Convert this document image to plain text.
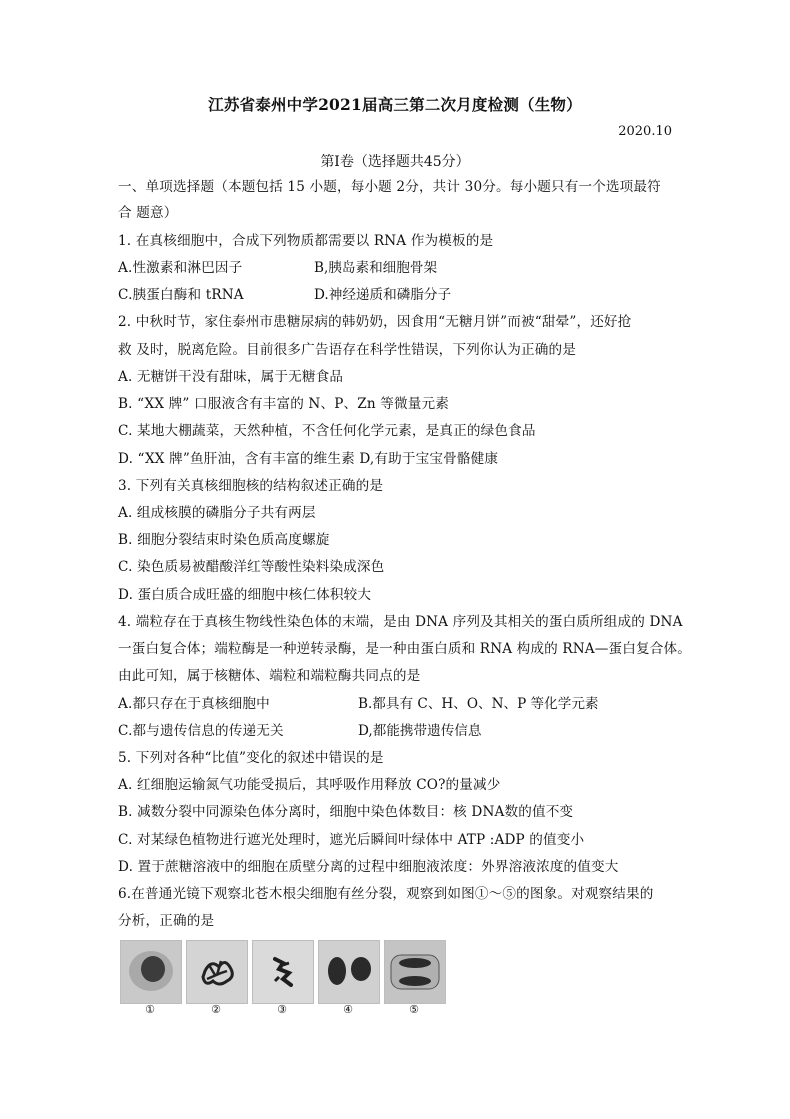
江苏省泰州中学2021届高三第二次月度检测（生物）
2020.10
第Ⅰ卷（选择题共45分）
一、单项选择题（本题包括 15 小题，每小题 2分，共计 30分。每小题只有一个选项最符
合 题意）
1. 在真核细胞中，合成下列物质都需要以 RNA 作为模板的是
A.性激素和淋巴因子	B,胰岛素和细胞骨架
C.胰蛋白酶和 tRNA	D.神经递质和磷脂分子
2. 中秋时节，家住泰州市患糖尿病的韩奶奶，因食用“无糖月饼”而被“甜晕”，还好抢
救 及时，脱离危险。目前很多广告语存在科学性错误，下列你认为正确的是
A. 无糖饼干没有甜味，属于无糖食品
B. “XX 牌” 口服液含有丰富的 N、P、Zn 等微量元素
C. 某地大棚蔬菜，天然种植，不含任何化学元素，是真正的绿色食品
D. “XX 牌”鱼肝油，含有丰富的维生素 D,有助于宝宝骨骼健康
3. 下列有关真核细胞核的结构叙述正确的是
A. 组成核膜的磷脂分子共有两层
B. 细胞分裂结束时染色质高度螺旋
C. 染色质易被醋酸洋红等酸性染料染成深色
D. 蛋白质合成旺盛的细胞中核仁体积较大
4. 端粒存在于真核生物线性染色体的末端，是由 DNA 序列及其相关的蛋白质所组成的 DNA
一蛋白复合体；端粒酶是一种逆转录酶，是一种由蛋白质和 RNA 构成的 RNA—蛋白复合体。
由此可知，属于核糖体、端粒和端粒酶共同点的是
A.都只存在于真核细胞中	B.都具有 C、H、O、N、P 等化学元素
C.都与遗传信息的传递无关	D,都能携带遗传信息
5. 下列对各种“比值”变化的叙述中错误的是
A. 红细胞运输氮气功能受损后，其呼吸作用释放 CO?的量减少
B. 减数分裂中同源染色体分离时，细胞中染色体数目：核 DNA数的值不变
C. 对某绿色植物进行遮光处理时，遮光后瞬间叶绿体中 ATP :ADP 的值变小
D. 置于蔗糖溶液中的细胞在质壁分离的过程中细胞液浓度：外界溶液浓度的值变大
6.在普通光镜下观察北苍木根尖细胞有丝分裂，观察到如图①～⑤的图象。对观察结果的
分析，正确的是
①	②	③	④	⑤
